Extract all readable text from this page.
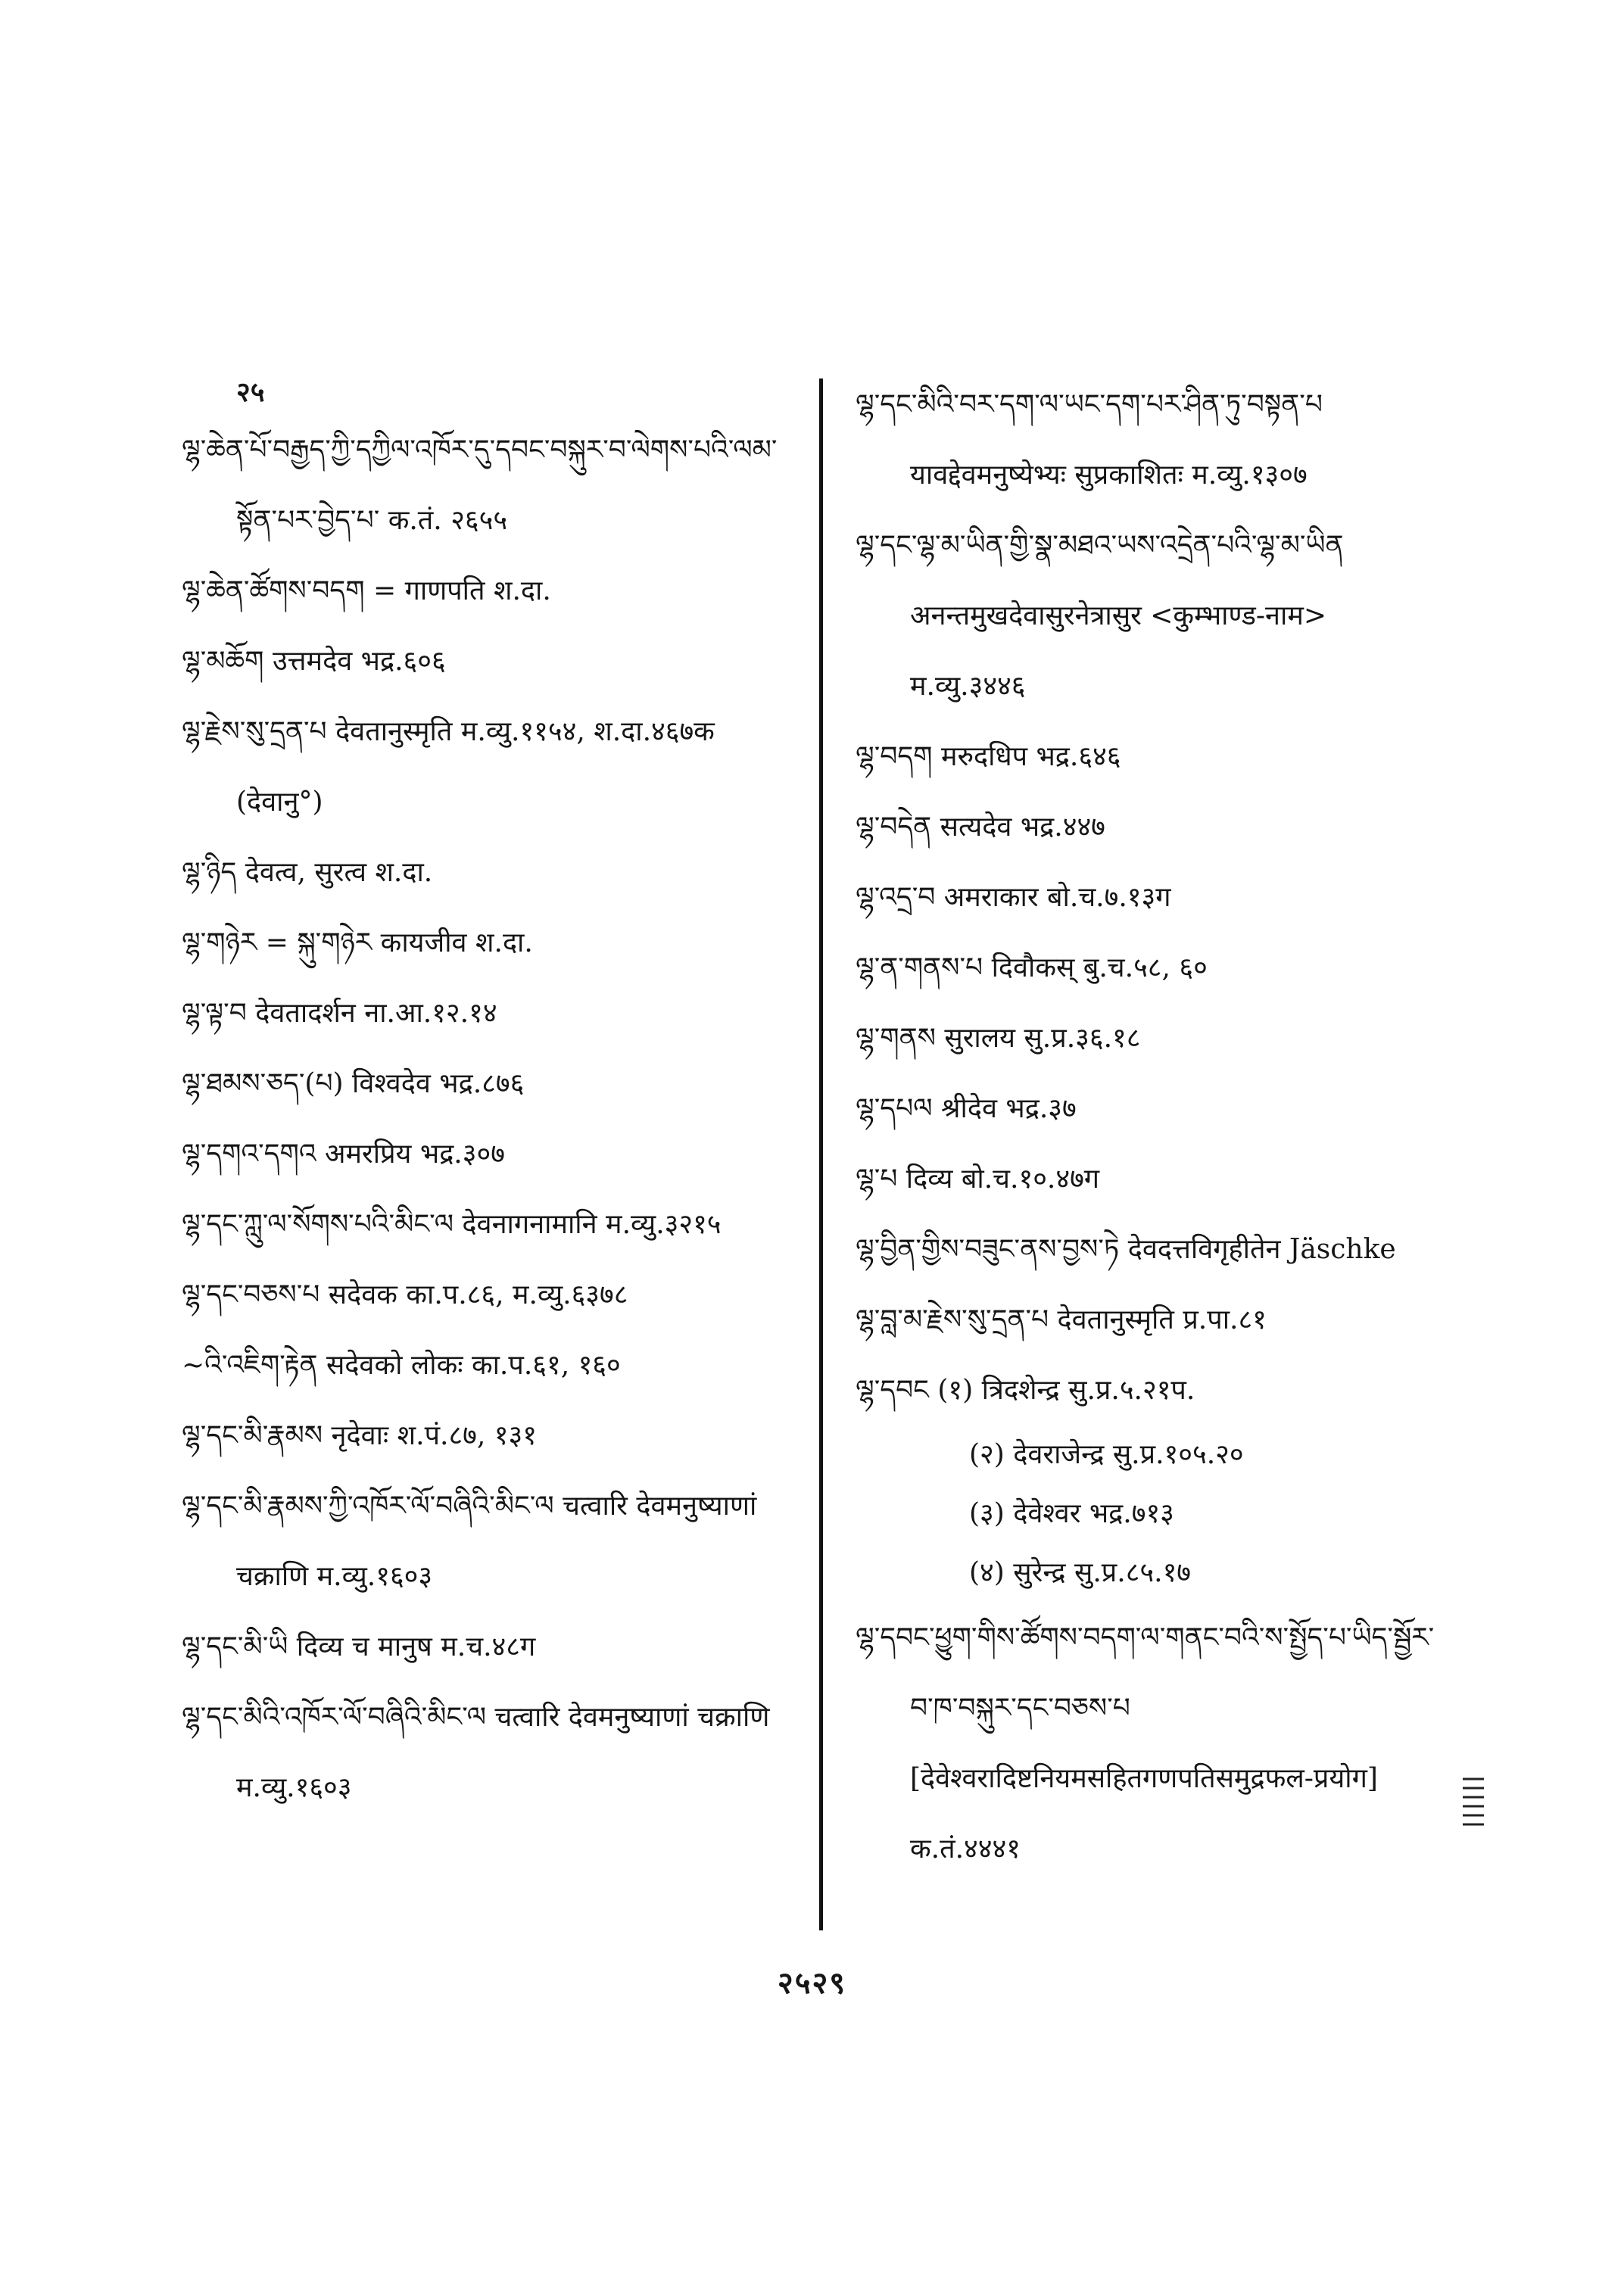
२५
ལྷ་ཆེན་པོ་བརྒྱད་ཀྱི་དཀྱིལ་འཁོར་དུ་དབང་བསྐུར་བ་ལེགས་པའི་ལམ་སྟོན་པར་བྱེད་པ་ क.तं. २६५५
ལྷ་ཆེན་ཚོགས་བདག = गाणपति श.दा.
ལྷ་མཆོག उत्तमदेव भद्र.६०६
ལྷ་རྗེས་སུ་དྲན་པ देवतानुस्मृति म.व्यु.११५४, श.दा.४६७क (देवानु°)
ལྷ་ཉིད देवत्व, सुरत्व श.दा.
ལྷ་གཉེར = སྐུ་གཉེར कायजीव श.दा.
ལྷ་ལྟ་བ देवतादर्शन ना.आ.१२.१४
ལྷ་ཐམས་ཅད་(པ) विश्वदेव भद्र.८७६
ལྷ་དགའ་དགའ अमरप्रिय भद्र.३०७
ལྷ་དང་ཀླུ་ལ་སོགས་པའི་མིང་ལ देवनागनामानि म.व्यु.३२१५
ལྷ་དང་བཅས་པ सदेवक का.प.८६, म.व्यु.६३७८
~འི་འཇིག་རྟེན सदेवको लोकः का.प.६१, १६०
ལྷ་དང་མི་རྣམས नृदेवाः श.पं.८७, १३१
ལྷ་དང་མི་རྣམས་ཀྱི་འཁོར་ལོ་བཞིའི་མིང་ལ चत्वारि देवमनुष्याणां चक्राणि म.व्यु.१६०३
ལྷ་དང་མི་ཡི दिव्य च मानुष म.च.४८ग
ལྷ་དང་མིའི་འཁོར་ལོ་བཞིའི་མིང་ལ चत्वारि देवमनुष्याणां चक्राणि म.व्यु.१६०३
ལྷ་དང་མིའི་བར་དག་ལ་ཡང་དག་པར་ཤིན་ཏུ་བསྟན་པ यावद्देवमनुष्येभ्यः सुप्रकाशितः म.व्यु.१३०७
ལྷ་དང་ལྷ་མ་ཡིན་གྱི་སྣ་མཐའ་ཡས་འདྲེན་པའི་ལྷ་མ་ཡིན अनन्तमुखदेवासुरनेत्रासुर <कुम्भाण्ड-नाम> म.व्यु.३४४६
ལྷ་བདག मरुदधिप भद्र.६४६
ལྷ་བདེན सत्यदेव भद्र.४४७
ལྷ་འདྲ་བ अमराकार बो.च.७.१३ग
ལྷ་ན་གནས་པ दिवौकस् बु.च.५८, ६०
ལྷ་གནས सुरालय सु.प्र.३६.१८
ལྷ་དཔལ श्रीदेव भद्र.३७
ལྷ་པ दिव्य बो.च.१०.४७ग
ལྷ་བྱིན་གྱིས་བཟུང་ནས་བྱས་ཏེ देवदत्तविगृहीतेन Jäschke
ལྷ་བླ་མ་རྗེས་སུ་དྲན་པ देवतानुस्मृति प्र.पा.८१
ལྷ་དབང (१) त्रिदशेन्द्र सु.प्र.५.२१प.
(२) देवराजेन्द्र सु.प्र.१०५.२०
(३) देवेश्वर भद्र.७१३
(४) सुरेन्द्र सु.प्र.८५.१७
ལྷ་དབང་ཕྱུག་གིས་ཚོགས་བདག་ལ་གནང་བའི་ས་སྤྱོད་པ་ཡིད་སྦྱོར་བ་ཁ་བསྐུར་དང་བཅས་པ [देवेश्वरादिष्टनियमसहितगणपतिसमुद्रफल-प्रयोग] क.तं.४४४१
२५२९
